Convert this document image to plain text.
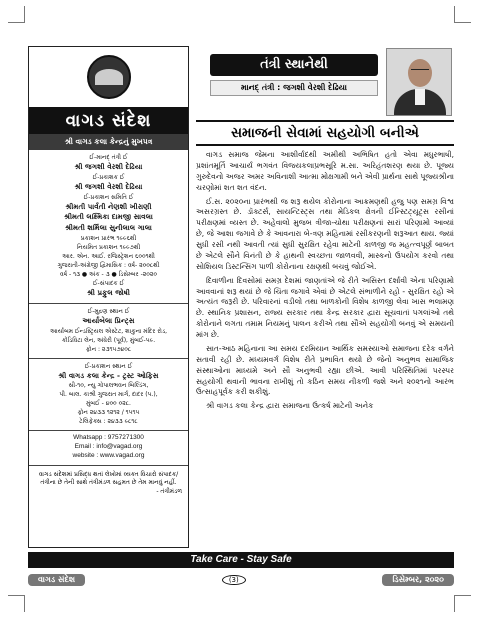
વાગડ સંદેશ
શ્રી વાગડ કલા કેન્દ્રનું મુખપત્ર
ઈ-માનદ્ તંત્રી ઈ
શ્રી જગશી વેરશી દેઢિયા
ઈ-પ્રકાશક ઈ
શ્રી જગશી વેરશી દેઢિયા
ઈ-પ્રકાશન સમિતિ ઈ
શ્રીમતી પાર્વતી નેણશી ખીરાણી
શ્રીમતી લક્ષ્મિકા દામજી સાવલા
શ્રીમતી શર્મિલા સુનીલાલ ગાલા
પ્રકાશન પ્રારંભ ૧૯૯૬થી
નિયમિત પ્રકાશન ૧૯૯૭થી
આર. એન. આઈ. રજિસ્ટ્રેશન ૬૦૦૧થી
ગુજરાતી-અંગ્રેજી દ્વિમાસિક : વર્ષ- ૨૦૦૮થી
વર્ષ - ૧૩ ● અંક - ૩ ● ડિસેમ્બર -૨૦૨૦
ઈ-સંપાદક ઈ
શ્રી પ્રફુલ જોષી
ઈ-મુદ્રણ સ્થાન ઈ
આર્યાબેલા પ્રિન્ટ્સ
આર્યાબમ ઈન્ડસ્ટ્રિયલ એસ્ટેટ, શાકુના મંદિર રોડ,
કોંડિવિટા લેન, અંધેરી (પૂર્વ), મુંબઈ-૫૯.
ફોન : ૨૩૧૫૭૪૦૮
ઈ-પ્રકાશન સ્થાન ઈ
શ્રી વાગડ કલા કેન્દ્ર - ટ્રસ્ટ ઓફિસ
સી-૧૦, ન્યુ ગોપાલભવન બિલ્ડિંગ,
પી. બાલ. કાશ્રી ગુજરાત માર્ગ, દાદર (પ.),
મુંબઈ - ૪૦૦ ૦૨૮.
ફોન ૨૪૩૩ ૧૨૧૨ / ૧૫૧૫
ટેલિફેક્સ : ૨૪૩૩ ૯૮૧૮
Whatsapp : 9757271300
Email : info@vagad.org
website : www.vagad.org
વાગડ સંદેશમાં પ્રસિદ્ધ થતાં લેખોમાં વ્યક્ત વિચારો સંપાદક/તંત્રીના છે તેની સાથે તંત્રીમંડળ સહમત છે તેમ માનવું નહીં.
- તંત્રીમંડળ
તંત્રી સ્થાનેથી
માનદ્ તંત્રી : જગશી વેરશી દેઢિયા
સમાજની સેવામાં સહયોગી બનીએ

વાગડ સમાજ જેમના આશીર્વાદથી અમીથી અભિષિત હતો એવા મધુરભાષી, પ્રશાંતમૂર્તિ આચાર્ય ભગવંત વિજયકલાપ્રભસૂરિ મ.સા. અરિહંતશરણ થયા છે. પૂજ્ય ગુરુદેવનો અજર અમર અવિનાશી આત્મા મોક્ષગામી બને એવી પ્રાર્થના સાથે પૂજ્યશ્રીના ચરણોમાં શત શત વંદન.

ઈ.સ. ૨૦૨૦ના પ્રારંભથી જ શરૂ થયેલ કોરોનાના આક્રમણથી હજુ પણ સમગ્ર વિશ્વ અસરગ્રસ્ત છે. ડૉક્ટર્સ, સાયન્ટિસ્ટ્સ તથા મેડિકલ ક્ષેત્રની ઈન્સ્ટિટ્યૂટ્સ રસીનાં પરીક્ષણમાં વ્યસ્ત છે. અહેવાલો મુજબ ત્રીજા-ચોથા પરીક્ષણનાં સારાં પરિણામો આવ્યાં છે, જે આશા જગાવે છે કે આવનારા બે-ત્રણ મહિનામાં રસીકરણની શરૂઆત થાય. જ્યાં સુધી રસી નથી આવતી ત્યાં સુધી સુરક્ષિત રહેવા માટેની કાળજી જ મહત્ત્વપૂર્ણ બાબત છે એટલે સૌને વિનંતી છે કે હાથની સ્વચ્છતા જાળવવી, માસ્કનો ઉપયોગ કરવો તથા સોશિયલ ડિસ્ટન્સિંગ પાળી કોરોનાના રક્ષણથી બચવું જોઈએ.

દિવાળીના દિવસોમાં સમગ્ર દેશમાં જાણતાંએ જે રીતે અસિસ્ત દર્શાવી એના પરિણામો આવવાનાં શરૂ થયાં છે જે ચિંતા જગાવે એવાં છે એટલે સંભાળીને રહો - સુરક્ષિત રહો એ અત્યંત જરૂરી છે. પરિવારનાં વડીલો તથા બાળકોની વિશેષ કાળજી લેવા ખાસ ભલામણ છે. સ્થાનિક પ્રશાસન, રાજ્ય સરકાર તથા કેન્દ્ર સરકાર દ્વારા સૂચવાતાં પગલાંઓ તથે કોરોનાને લગતા તમામ નિયમનું પાલન કરીએ તથા સૌએ સહયોગી બનવું એ સમયની માંગ છે.

સાત-આઠ મહિનાના આ સમય દરમિયાન આર્થિક સમસ્યાઓ સમાજના દરેક વર્ગને સતાવી રહી છે. મધ્યમવર્ગ વિશેષ રીતે પ્રભાવિત થયો છે જેનો અનુભવ સામાજિક સંસ્થાઓના માધ્યમે અને સૌ અનુભવી રહ્યા છીએ. આવી પરિસ્થિતિમાં પરસ્પર સહયોગી થવાની ભાવના રાખીશું તો કઠિન સમય નીકળી જશે અને ૨૦૨૧નો આરંભ ઉત્સાહપૂર્વક કરી શકીશું.

શ્રી વાગડ કલા કેન્દ્ર દ્વારા સમાજના ઉત્કર્ષ માટેની અનેક

Take Care - Stay Safe
વાગડ સંદેશ	(3)	ડિસેમ્બર, ૨૦૨૦
